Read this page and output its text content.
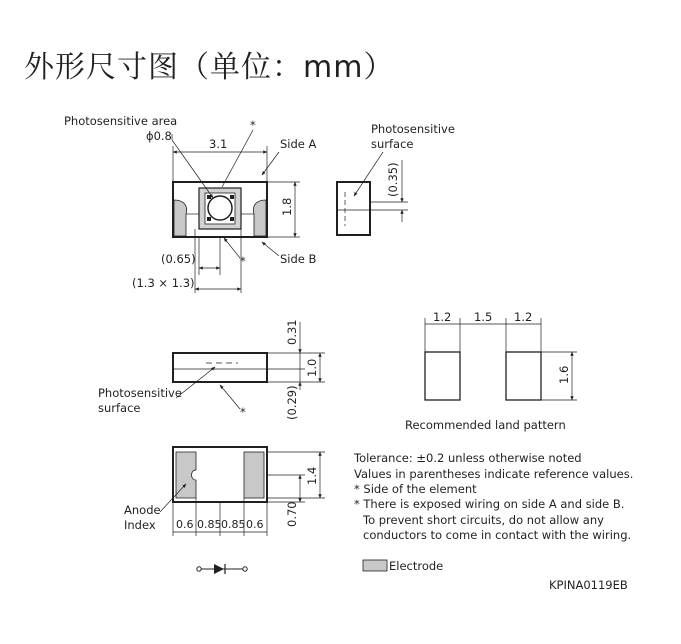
外形尺寸图（单位：mm）
Photosensitive area
ϕ0.8
*
3.1	Side A
Side B
1.8
(0.65)	*
(1.3 × 1.3)
Photosensitive
surface
(0.35)
0.31
1.0
(0.29)
Photosensitive
surface	*
1.4
0.70
Anode
Index 0.6 0.85 0.85 0.6
1.2 1.5 1.2
1.6
Recommended land pattern
Tolerance: ±0.2 unless otherwise noted
Values in parentheses indicate reference values.
* Side of the element
* There is exposed wiring on side A and side B.
To prevent short circuits, do not allow any
conductors to come in contact with the wiring.
Electrode
KPINA0119EB
